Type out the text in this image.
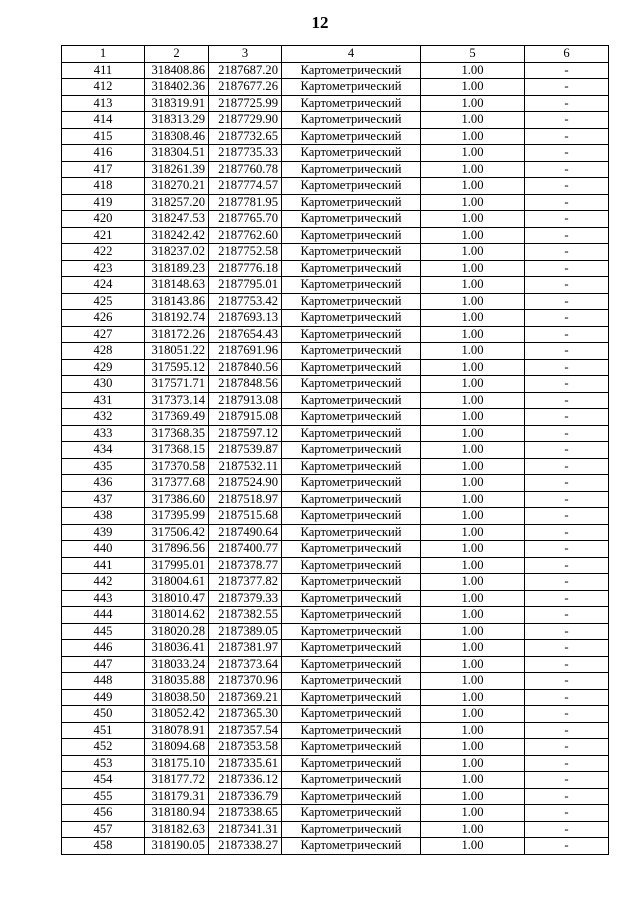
12
1	2	3	4	5	6
411	318408.86	2187687.20	Картометрический	1.00	-
412	318402.36	2187677.26	Картометрический	1.00	-
413	318319.91	2187725.99	Картометрический	1.00	-
414	318313.29	2187729.90	Картометрический	1.00	-
415	318308.46	2187732.65	Картометрический	1.00	-
416	318304.51	2187735.33	Картометрический	1.00	-
417	318261.39	2187760.78	Картометрический	1.00	-
418	318270.21	2187774.57	Картометрический	1.00	-
419	318257.20	2187781.95	Картометрический	1.00	-
420	318247.53	2187765.70	Картометрический	1.00	-
421	318242.42	2187762.60	Картометрический	1.00	-
422	318237.02	2187752.58	Картометрический	1.00	-
423	318189.23	2187776.18	Картометрический	1.00	-
424	318148.63	2187795.01	Картометрический	1.00	-
425	318143.86	2187753.42	Картометрический	1.00	-
426	318192.74	2187693.13	Картометрический	1.00	-
427	318172.26	2187654.43	Картометрический	1.00	-
428	318051.22	2187691.96	Картометрический	1.00	-
429	317595.12	2187840.56	Картометрический	1.00	-
430	317571.71	2187848.56	Картометрический	1.00	-
431	317373.14	2187913.08	Картометрический	1.00	-
432	317369.49	2187915.08	Картометрический	1.00	-
433	317368.35	2187597.12	Картометрический	1.00	-
434	317368.15	2187539.87	Картометрический	1.00	-
435	317370.58	2187532.11	Картометрический	1.00	-
436	317377.68	2187524.90	Картометрический	1.00	-
437	317386.60	2187518.97	Картометрический	1.00	-
438	317395.99	2187515.68	Картометрический	1.00	-
439	317506.42	2187490.64	Картометрический	1.00	-
440	317896.56	2187400.77	Картометрический	1.00	-
441	317995.01	2187378.77	Картометрический	1.00	-
442	318004.61	2187377.82	Картометрический	1.00	-
443	318010.47	2187379.33	Картометрический	1.00	-
444	318014.62	2187382.55	Картометрический	1.00	-
445	318020.28	2187389.05	Картометрический	1.00	-
446	318036.41	2187381.97	Картометрический	1.00	-
447	318033.24	2187373.64	Картометрический	1.00	-
448	318035.88	2187370.96	Картометрический	1.00	-
449	318038.50	2187369.21	Картометрический	1.00	-
450	318052.42	2187365.30	Картометрический	1.00	-
451	318078.91	2187357.54	Картометрический	1.00	-
452	318094.68	2187353.58	Картометрический	1.00	-
453	318175.10	2187335.61	Картометрический	1.00	-
454	318177.72	2187336.12	Картометрический	1.00	-
455	318179.31	2187336.79	Картометрический	1.00	-
456	318180.94	2187338.65	Картометрический	1.00	-
457	318182.63	2187341.31	Картометрический	1.00	-
458	318190.05	2187338.27	Картометрический	1.00	-
